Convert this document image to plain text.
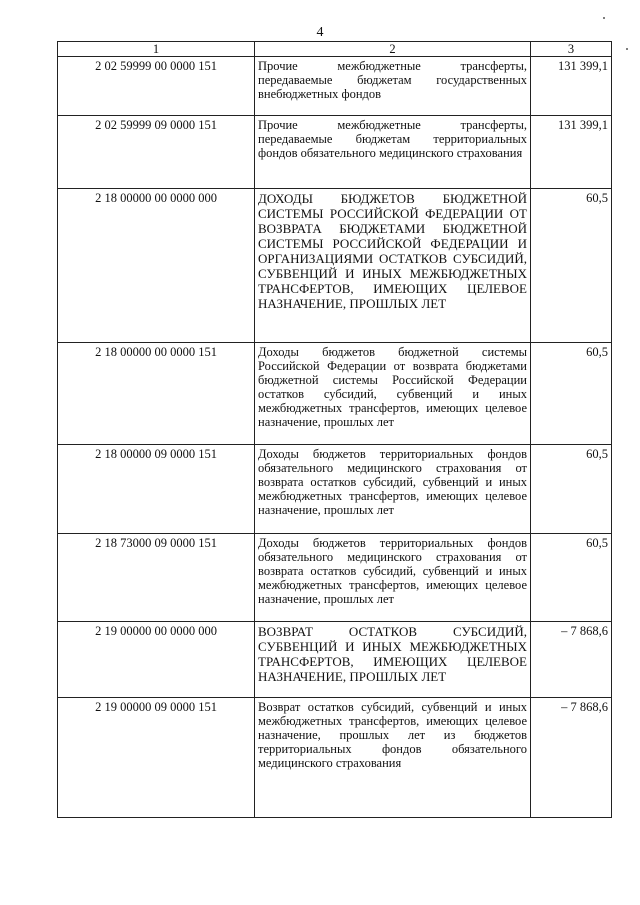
4
1	2	3
2 02 59999 00 0000 151	Прочие межбюджетные трансферты, передаваемые бюджетам государственных внебюджетных фондов	131 399,1
2 02 59999 09 0000 151	Прочие межбюджетные трансферты, передаваемые бюджетам территориальных фондов обязательного медицинского страхования	131 399,1
2 18 00000 00 0000 000	ДОХОДЫ БЮДЖЕТОВ БЮДЖЕТНОЙ СИСТЕМЫ РОССИЙСКОЙ ФЕДЕРАЦИИ ОТ ВОЗВРАТА БЮДЖЕТАМИ БЮДЖЕТНОЙ СИСТЕМЫ РОССИЙСКОЙ ФЕДЕРАЦИИ И ОРГАНИЗАЦИЯМИ ОСТАТКОВ СУБСИДИЙ, СУБВЕНЦИЙ И ИНЫХ МЕЖБЮДЖЕТНЫХ ТРАНСФЕРТОВ, ИМЕЮЩИХ ЦЕЛЕВОЕ НАЗНАЧЕНИЕ, ПРОШЛЫХ ЛЕТ	60,5
2 18 00000 00 0000 151	Доходы бюджетов бюджетной системы Российской Федерации от возврата бюджетами бюджетной системы Российской Федерации остатков субсидий, субвенций и иных межбюджетных трансфертов, имеющих целевое назначение, прошлых лет	60,5
2 18 00000 09 0000 151	Доходы бюджетов территориальных фондов обязательного медицинского страхования от возврата остатков субсидий, субвенций и иных межбюджетных трансфертов, имеющих целевое назначение, прошлых лет	60,5
2 18 73000 09 0000 151	Доходы бюджетов территориальных фондов обязательного медицинского страхования от возврата остатков субсидий, субвенций и иных межбюджетных трансфертов, имеющих целевое назначение, прошлых лет	60,5
2 19 00000 00 0000 000	ВОЗВРАТ ОСТАТКОВ СУБСИДИЙ, СУБВЕНЦИЙ И ИНЫХ МЕЖБЮДЖЕТНЫХ ТРАНСФЕРТОВ, ИМЕЮЩИХ ЦЕЛЕВОЕ НАЗНАЧЕНИЕ, ПРОШЛЫХ ЛЕТ	– 7 868,6
2 19 00000 09 0000 151	Возврат остатков субсидий, субвенций и иных межбюджетных трансфертов, имеющих целевое назначение, прошлых лет из бюджетов территориальных фондов обязательного медицинского страхования	– 7 868,6
